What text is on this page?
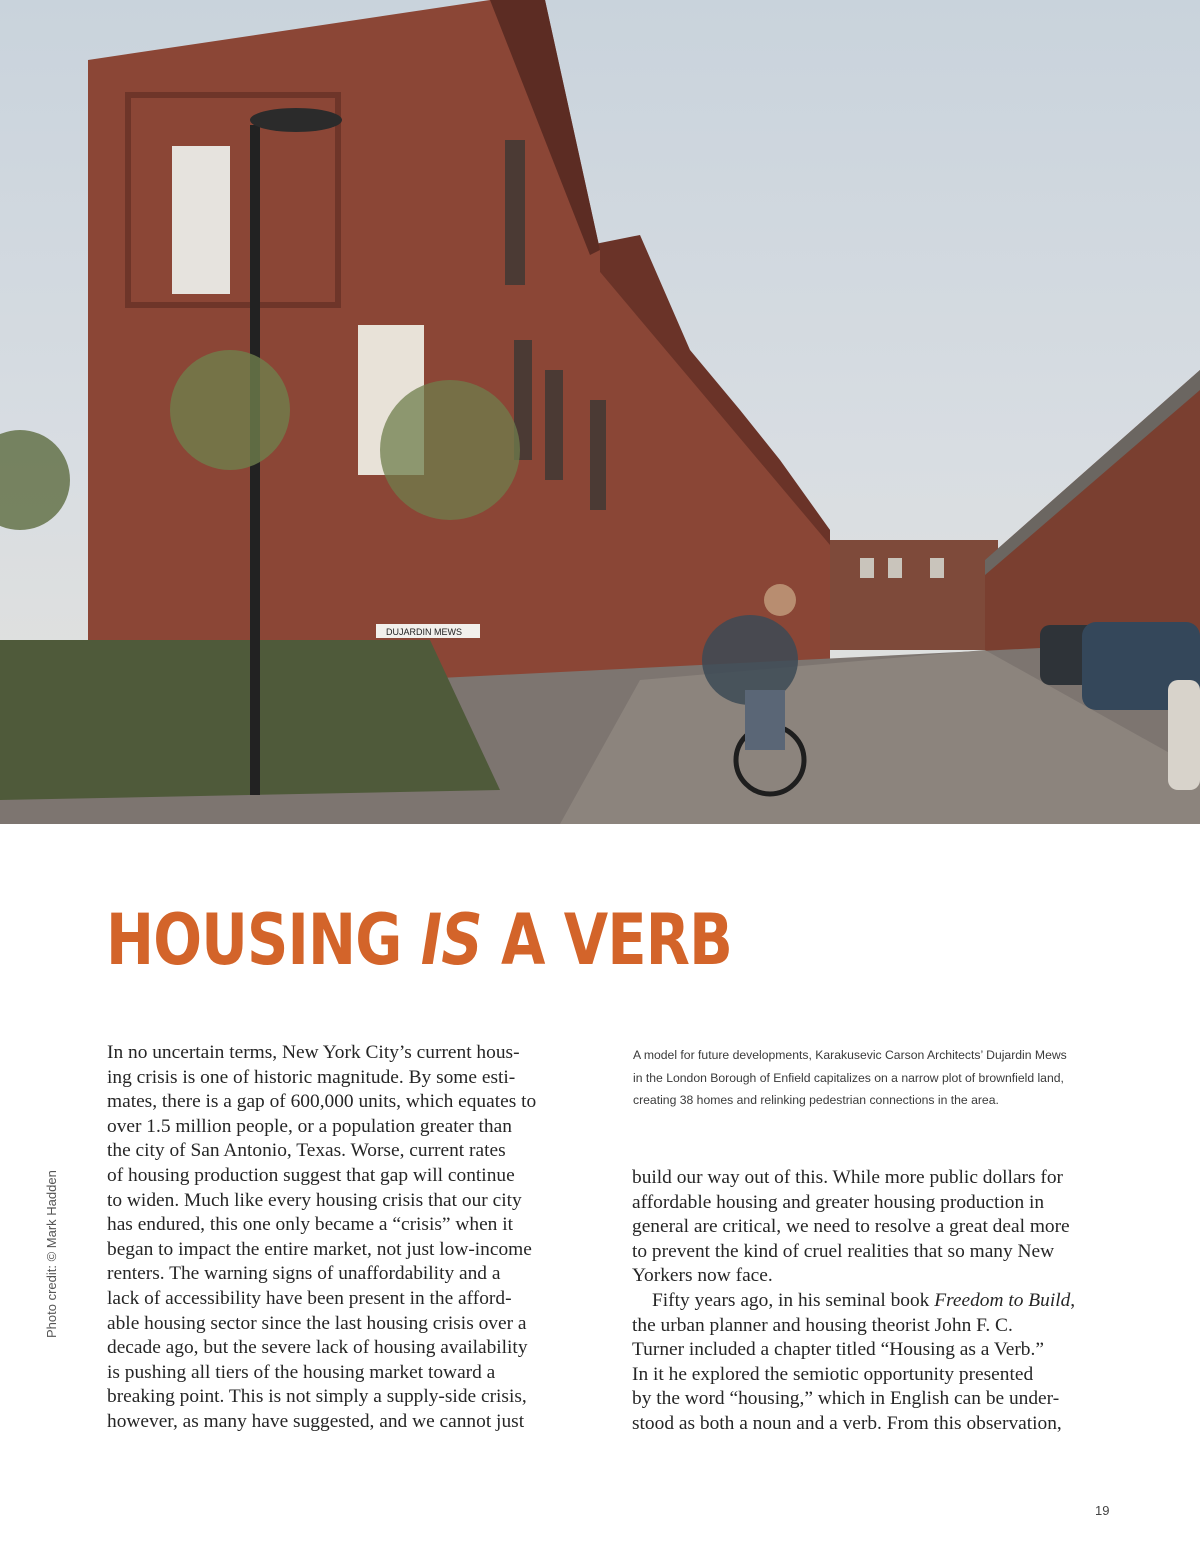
DUJARDIN MEWS
HOUSING IS A VERB
Photo credit: © Mark Hadden
A model for future developments, Karakusevic Carson Architects’ Dujardin Mews
in the London Borough of Enfield capitalizes on a narrow plot of brownfield land,
creating 38 homes and relinking pedestrian connections in the area.
In no uncertain terms, New York City’s current hous-
ing crisis is one of historic magnitude. By some esti-
mates, there is a gap of 600,000 units, which equates to
over 1.5 million people, or a population greater than
the city of San Antonio, Texas. Worse, current rates
of housing production suggest that gap will continue
to widen. Much like every housing crisis that our city
has endured, this one only became a “crisis” when it
began to impact the entire market, not just low-income
renters. The warning signs of unaffordability and a
lack of accessibility have been present in the afford-
able housing sector since the last housing crisis over a
decade ago, but the severe lack of housing availability
is pushing all tiers of the housing market toward a
breaking point. This is not simply a supply-side crisis,
however, as many have suggested, and we cannot just
build our way out of this. While more public dollars for
affordable housing and greater housing production in
general are critical, we need to resolve a great deal more
to prevent the kind of cruel realities that so many New
Yorkers now face.
Fifty years ago, in his seminal book Freedom to Build,
the urban planner and housing theorist John F. C.
Turner included a chapter titled “Housing as a Verb.”
In it he explored the semiotic opportunity presented
by the word “housing,” which in English can be under-
stood as both a noun and a verb. From this observation,
19
